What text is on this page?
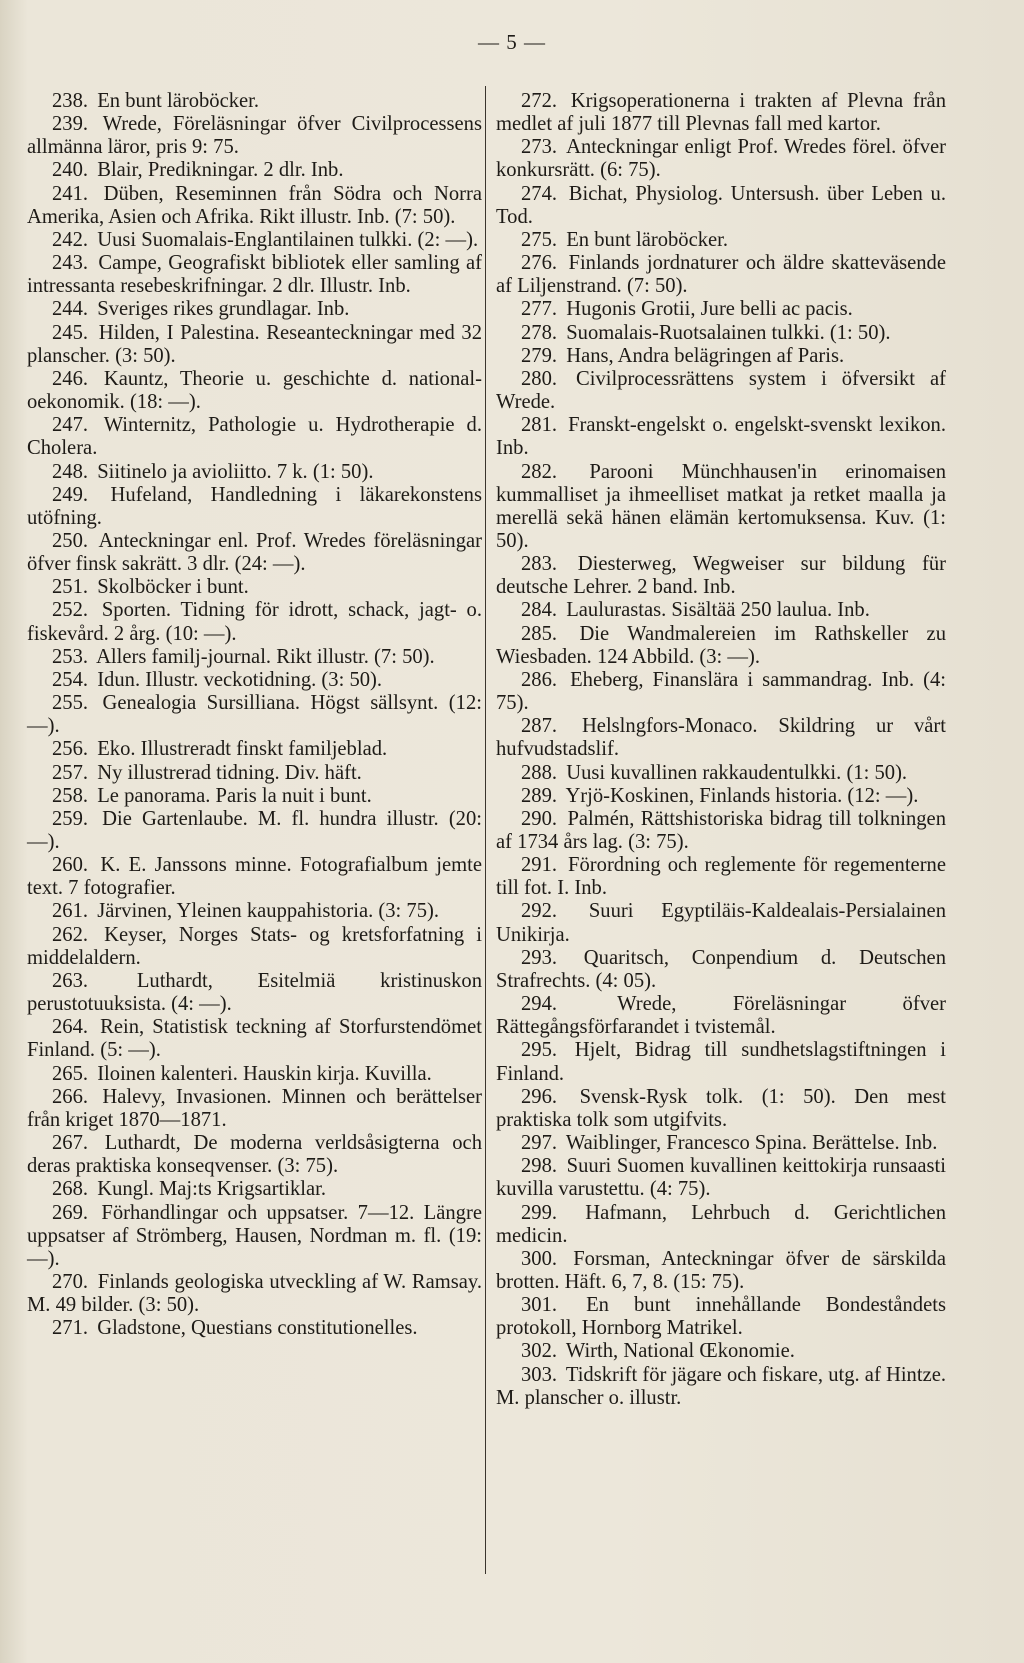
— 5 —

238. En bunt läroböcker.

239. Wrede, Föreläsningar öfver Civilprocessens allmänna läror, pris 9: 75.

240. Blair, Predikningar. 2 dlr. Inb.

241. Düben, Reseminnen från Södra och Norra Amerika, Asien och Afrika. Rikt illustr. Inb. (7: 50).

242. Uusi Suomalais-Englantilainen tulkki. (2: —).

243. Campe, Geografiskt bibliotek eller samling af intressanta resebeskrifningar. 2 dlr. Illustr. Inb.

244. Sveriges rikes grundlagar. Inb.

245. Hilden, I Palestina. Reseanteckningar med 32 planscher. (3: 50).

246. Kauntz, Theorie u. geschichte d. national-oekonomik. (18: —).

247. Winternitz, Pathologie u. Hydrotherapie d. Cholera.

248. Siitinelo ja avioliitto. 7 k. (1: 50).

249. Hufeland, Handledning i läkarekonstens utöfning.

250. Anteckningar enl. Prof. Wredes föreläsningar öfver finsk sakrätt. 3 dlr. (24: —).

251. Skolböcker i bunt.

252. Sporten. Tidning för idrott, schack, jagt- o. fiskevård. 2 årg. (10: —).

253. Allers familj-journal. Rikt illustr. (7: 50).

254. Idun. Illustr. veckotidning. (3: 50).

255. Genealogia Sursilliana. Högst sällsynt. (12: —).

256. Eko. Illustreradt finskt familjeblad.

257. Ny illustrerad tidning. Div. häft.

258. Le panorama. Paris la nuit i bunt.

259. Die Gartenlaube. M. fl. hundra illustr. (20: —).

260. K. E. Janssons minne. Fotografialbum jemte text. 7 fotografier.

261. Järvinen, Yleinen kauppahistoria. (3: 75).

262. Keyser, Norges Stats- og kretsforfatning i middelaldern.

263. Luthardt, Esitelmiä kristinuskon perustotuuksista. (4: —).

264. Rein, Statistisk teckning af Storfurstendömet Finland. (5: —).

265. Iloinen kalenteri. Hauskin kirja. Kuvilla.

266. Halevy, Invasionen. Minnen och berättelser från kriget 1870—1871.

267. Luthardt, De moderna verldsåsigterna och deras praktiska konseqvenser. (3: 75).

268. Kungl. Maj:ts Krigsartiklar.

269. Förhandlingar och uppsatser. 7—12. Längre uppsatser af Strömberg, Hausen, Nordman m. fl. (19: —).

270. Finlands geologiska utveckling af W. Ramsay. M. 49 bilder. (3: 50).

271. Gladstone, Questians constitutionelles.

272. Krigsoperationerna i trakten af Plevna från medlet af juli 1877 till Plevnas fall med kartor.

273. Anteckningar enligt Prof. Wredes förel. öfver konkursrätt. (6: 75).

274. Bichat, Physiolog. Untersush. über Leben u. Tod.

275. En bunt läroböcker.

276. Finlands jordnaturer och äldre skatteväsende af Liljenstrand. (7: 50).

277. Hugonis Grotii, Jure belli ac pacis.

278. Suomalais-Ruotsalainen tulkki. (1: 50).

279. Hans, Andra belägringen af Paris.

280. Civilprocessrättens system i öfversikt af Wrede.

281. Franskt-engelskt o. engelskt-svenskt lexikon. Inb.

282. Parooni Münchhausen'in erinomaisen kummalliset ja ihmeelliset matkat ja retket maalla ja merellä sekä hänen elämän kertomuksensa. Kuv. (1: 50).

283. Diesterweg, Wegweiser sur bildung für deutsche Lehrer. 2 band. Inb.

284. Laulurastas. Sisältää 250 laulua. Inb.

285. Die Wandmalereien im Rathskeller zu Wiesbaden. 124 Abbild. (3: —).

286. Eheberg, Finanslära i sammandrag. Inb. (4: 75).

287. Helslngfors-Monaco. Skildring ur vårt hufvudstadslif.

288. Uusi kuvallinen rakkaudentulkki. (1: 50).

289. Yrjö-Koskinen, Finlands historia. (12: —).

290. Palmén, Rättshistoriska bidrag till tolkningen af 1734 års lag. (3: 75).

291. Förordning och reglemente för regementerne till fot. I. Inb.

292. Suuri Egyptiläis-Kaldealais-Persialainen Unikirja.

293. Quaritsch, Conpendium d. Deutschen Strafrechts. (4: 05).

294.	Wrede, Föreläsningar öfver Rättegångsförfarandet i tvistemål.

295. Hjelt, Bidrag till sundhetslagstiftningen i Finland.

296. Svensk-Rysk tolk. (1: 50). Den mest praktiska tolk som utgifvits.

297. Waiblinger, Francesco Spina. Berättelse. Inb.

298. Suuri Suomen kuvallinen keittokirja runsaasti kuvilla varustettu. (4: 75).

299. Hafmann, Lehrbuch d. Gerichtlichen medicin.

300. Forsman, Anteckningar öfver de särskilda brotten. Häft. 6, 7, 8. (15: 75).

301. En bunt innehållande Bondeståndets protokoll, Hornborg Matrikel.

302. Wirth, National Œkonomie.

303. Tidskrift för jägare och fiskare, utg. af Hintze. M. planscher o. illustr.
